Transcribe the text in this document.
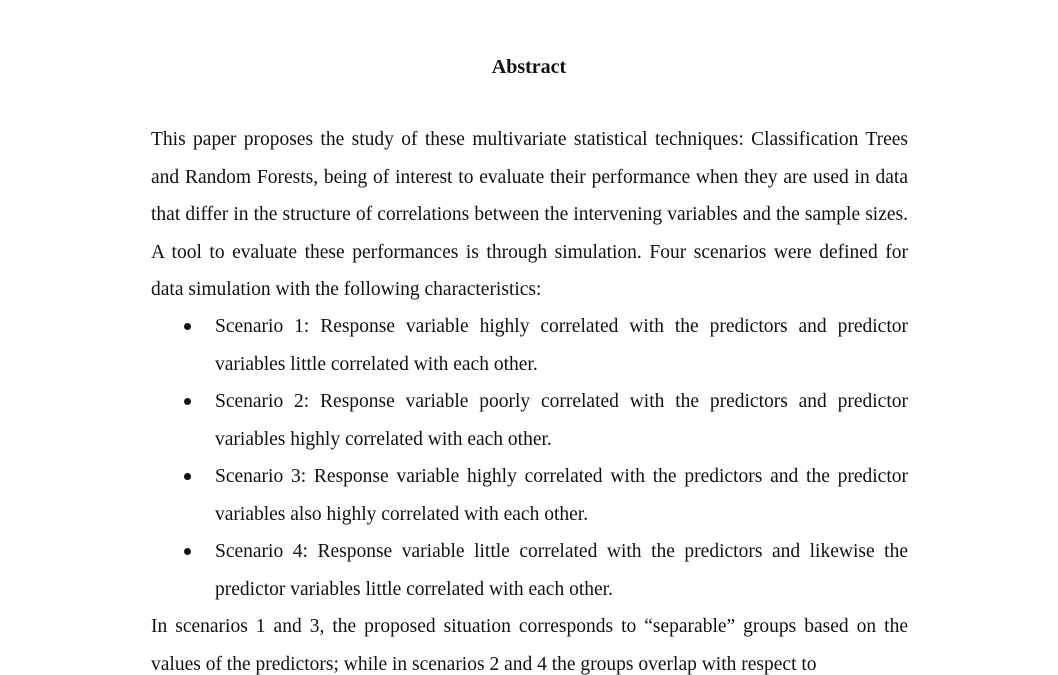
Abstract
This paper proposes the study of these multivariate statistical techniques: Classification Trees and Random Forests, being of interest to evaluate their performance when they are used in data that differ in the structure of correlations between the intervening variables and the sample sizes. A tool to evaluate these performances is through simulation. Four scenarios were defined for data simulation with the following characteristics:
Scenario 1: Response variable highly correlated with the predictors and predictor variables little correlated with each other.
Scenario 2: Response variable poorly correlated with the predictors and predictor variables highly correlated with each other.
Scenario 3: Response variable highly correlated with the predictors and the predictor variables also highly correlated with each other.
Scenario 4: Response variable little correlated with the predictors and likewise the predictor variables little correlated with each other.
In scenarios 1 and 3, the proposed situation corresponds to “separable” groups based on the values of the predictors; while in scenarios 2 and 4 the groups overlap with respect to
